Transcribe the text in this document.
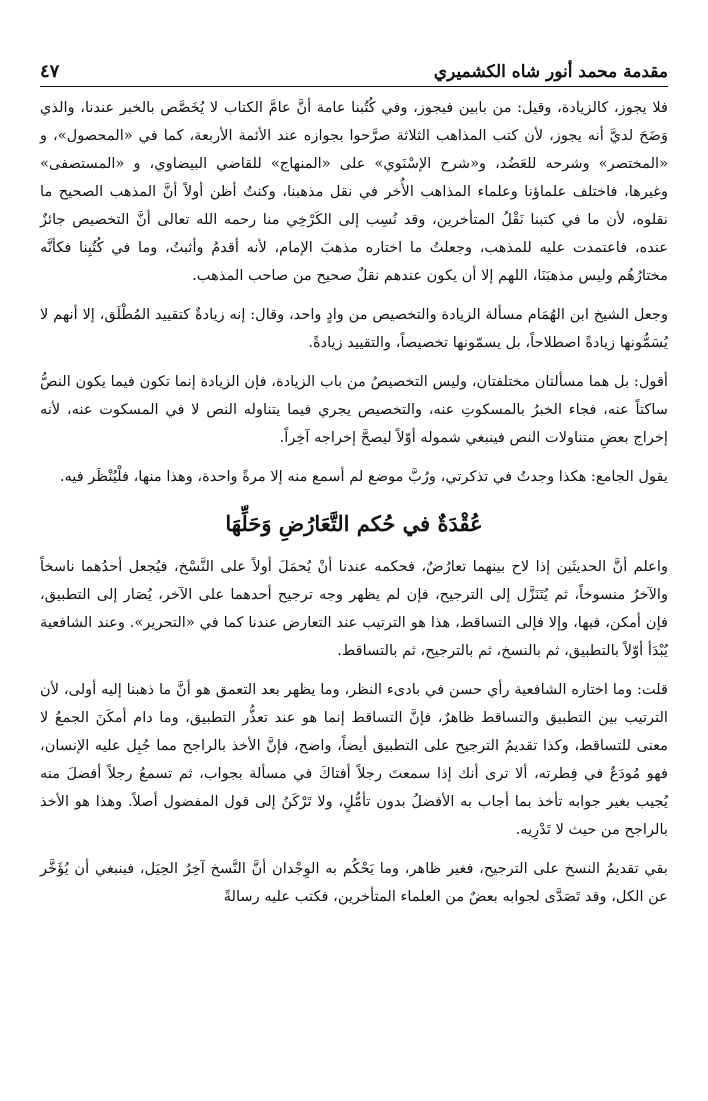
مقدمة محمد أنور شاه الكشميري
٤٧

فلا يجوز، كالزيادة، وقيل: من بابين فيجوز، وفي كُتُبنا عامة أنَّ عامَّ الكتاب لا يُخَصَّص بالخبر عندنا، والذي وَضَحَ لديَّ أنه يجوز، لأن كتب المذاهب الثلاثة صرَّحوا بجوازه عند الأئمة الأربعة، كما في «المحصول»، و «المختصر» وشرحه للعَضُد، و«شرح الإسْنَوي» على «المنهاج» للقاضي البيضاوي، و «المستصفى» وغيرها، فاختلف علماؤنا وعلماء المذاهب الأُخر في نقل مذهبنا، وكنتُ أظن أولاً أنَّ المذهب الصحيح ما نقلوه، لأن ما في كتبنا نَقْلُ المتأخرين، وقد نُسِب إلى الكَرْخِي منا رحمه الله تعالى أنَّ التخصيص جائزٌ عنده، فاعتمدت عليه للمذهب، وجعلتُ ما اختاره مذهبَ الإمام، لأنه أقدمُ وأثبتُ، وما في كُتُبِنا فكأنَّه مختارُهُم وليس مذهبَنَا، اللهم إلا أن يكون عندهم نقلٌ صحيح من صاحب المذهب.

وجعل الشيخ ابن الهُمَام مسألة الزيادة والتخصيص من وادٍ واحد، وقال: إنه زيادةٌ كتقييد المُطْلَق، إلا أنهم لا يُسَمُّونها زيادةً اصطلاحاً، بل يسمّونها تخصيصاً، والتقييد زيادةً.

أقول: بل هما مسألتان مختلفتان، وليس التخصيصُ من باب الزيادة، فإن الزيادة إنما تكون فيما يكون النصُّ ساكتاً عنه، فجاء الخبرُ بالمسكوتِ عنه، والتخصيص يجري فيما يتناوله النص لا في المسكوت عنه، لأنه إخراج بعضِ متناولات النص فينبغي شموله أوّلاً ليصحَّ إخراجه آخِراً.

يقول الجامع: هكذا وجدتُ في تذكرتي، ورُبَّ موضع لم أسمع منه إلا مرةً واحدة، وهذا منها، فلْيُنْظَر فيه.

عُقْدَةٌ في حُكم التَّعَارُضِ وَحَلِّهَا

واعلم أنَّ الحديثَين إذا لاح بينهما تعارُضٌ، فحكمه عندنا أنْ يُحمَلَ أولاً على النَّسْخ، فيُجعل أحدُهما ناسخاً والآخرُ منسوخاً، ثم يُتَنَزَّل إلى الترجيح، فإن لم يظهر وجه ترجيح أحدهما على الآخر، يُصَار إلى التطبيق، فإن أمكن، فبها، وإلا فإلى التساقط، هذا هو الترتيب عند التعارض عندنا كما في «التحرير». وعند الشافعية يُبْدَأ أوّلاً بالتطبيق، ثم بالنسخ، ثم بالترجيح، ثم بالتساقط.

قلت: وما اختاره الشافعية رأي حسن في بادىء النظر، وما يظهر بعد التعمق هو أنَّ ما ذهبنا إليه أولى، لأن الترتيب بين التطبيق والتساقط ظاهرٌ، فإنَّ التساقط إنما هو عند تعذُّر التطبيق، وما دام أمكَنَ الجمعُ لا معنى للتساقط، وكذا تقديمُ الترجيح على التطبيق أيضاً، واضح، فإنَّ الأخذ بالراجح مما جُبِل عليه الإنسان، فهو مُودَعٌ في فِطرته، ألا ترى أنك إذا سمعتَ رجلاً أفتاكَ في مسألة بجواب، ثم تسمعُ رجلاً أفضلَ منه يُجيب بغير جوابه تأخذ بما أجاب به الأفضلُ بدون تأمُّلٍ، ولا تَرْكَنُ إلى قول المفضول أصلاً. وهذا هو الأخذ بالراجح من حيث لا تَدْرِيه.

بقي تقديمُ النسخ على الترجيح، فغير ظاهر، وما يَحْكُم به الوِجْدان أنَّ النَّسخ آخِرُ الحِيَل، فينبغي أن يُؤَخَّر عن الكل، وقد تَصَدَّى لجوابه بعضٌ من العلماء المتأخرين، فكتب عليه رسالةً
